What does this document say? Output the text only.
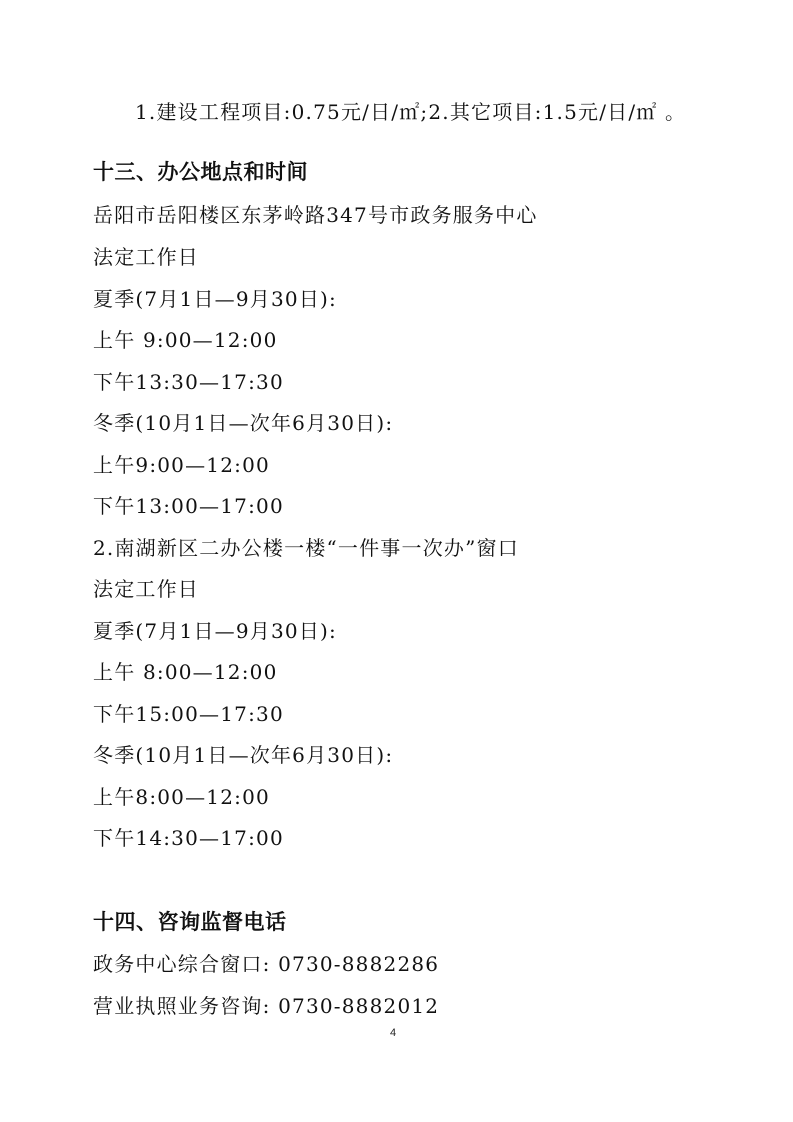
1.建设工程项目:0.75元/日/㎡;2.其它项目:1.5元/日/㎡ 。
十三、办公地点和时间
岳阳市岳阳楼区东茅岭路347号市政务服务中心
法定工作日
夏季(7月1日—9月30日):
上午 9:00—12:00
下午13:30—17:30
冬季(10月1日—次年6月30日):
上午9:00—12:00
下午13:00—17:00
2.南湖新区二办公楼一楼“一件事一次办”窗口
法定工作日
夏季(7月1日—9月30日):
上午 8:00—12:00
下午15:00—17:30
冬季(10月1日—次年6月30日):
上午8:00—12:00
下午14:30—17:00
十四、咨询监督电话
政务中心综合窗口: 0730-8882286
营业执照业务咨询: 0730-8882012
4
